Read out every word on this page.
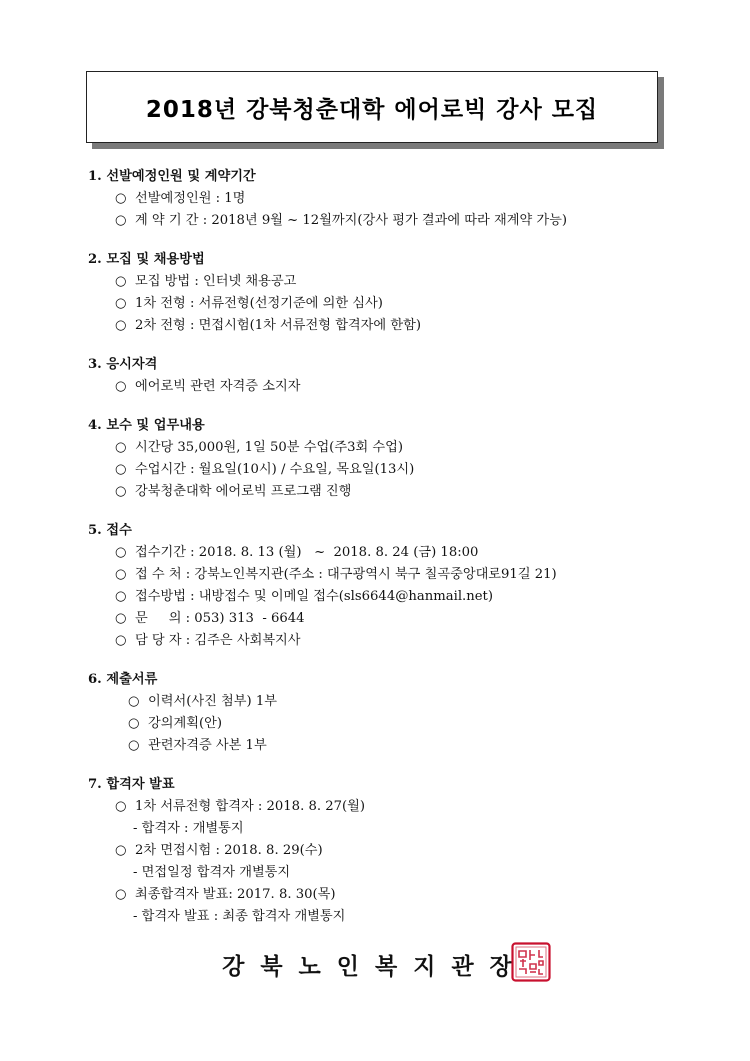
2018년 강북청춘대학 에어로빅 강사 모집
1. 선발예정인원 및 계약기간
○ 선발예정인원 : 1명
○ 계 약 기 간 : 2018년 9월 ~ 12월까지(강사 평가 결과에 따라 재계약 가능)
2. 모집 및 채용방법
○ 모집 방법 : 인터넷 채용공고
○ 1차 전형 : 서류전형(선정기준에 의한 심사)
○ 2차 전형 : 면접시험(1차 서류전형 합격자에 한함)
3. 응시자격
○ 에어로빅 관련 자격증 소지자
4. 보수 및 업무내용
○ 시간당 35,000원, 1일 50분 수업(주3회 수업)
○ 수업시간 : 월요일(10시) / 수요일, 목요일(13시)
○ 강북청춘대학 에어로빅 프로그램 진행
5. 접수
○ 접수기간 : 2018. 8. 13 (월)   ~  2018. 8. 24 (금) 18:00
○ 접 수 처 : 강북노인복지관(주소 : 대구광역시 북구 칠곡중앙대로91길 21)
○ 접수방법 : 내방접수 및 이메일 접수(sls6644@hanmail.net)
○ 문     의 : 053) 313  - 6644
○ 담 당 자 : 김주은 사회복지사
6. 제출서류
○ 이력서(사진 첨부) 1부
○ 강의계획(안)
○ 관련자격증 사본 1부
7. 합격자 발표
○ 1차 서류전형 합격자 : 2018. 8. 27(월)
- 합격자 : 개별통지
○ 2차 면접시험 : 2018. 8. 29(수)
- 면접일정 합격자 개별통지
○ 최종합격자 발표: 2017. 8. 30(목)
- 합격자 발표 : 최종 합격자 개별통지
강북노인복지관장
